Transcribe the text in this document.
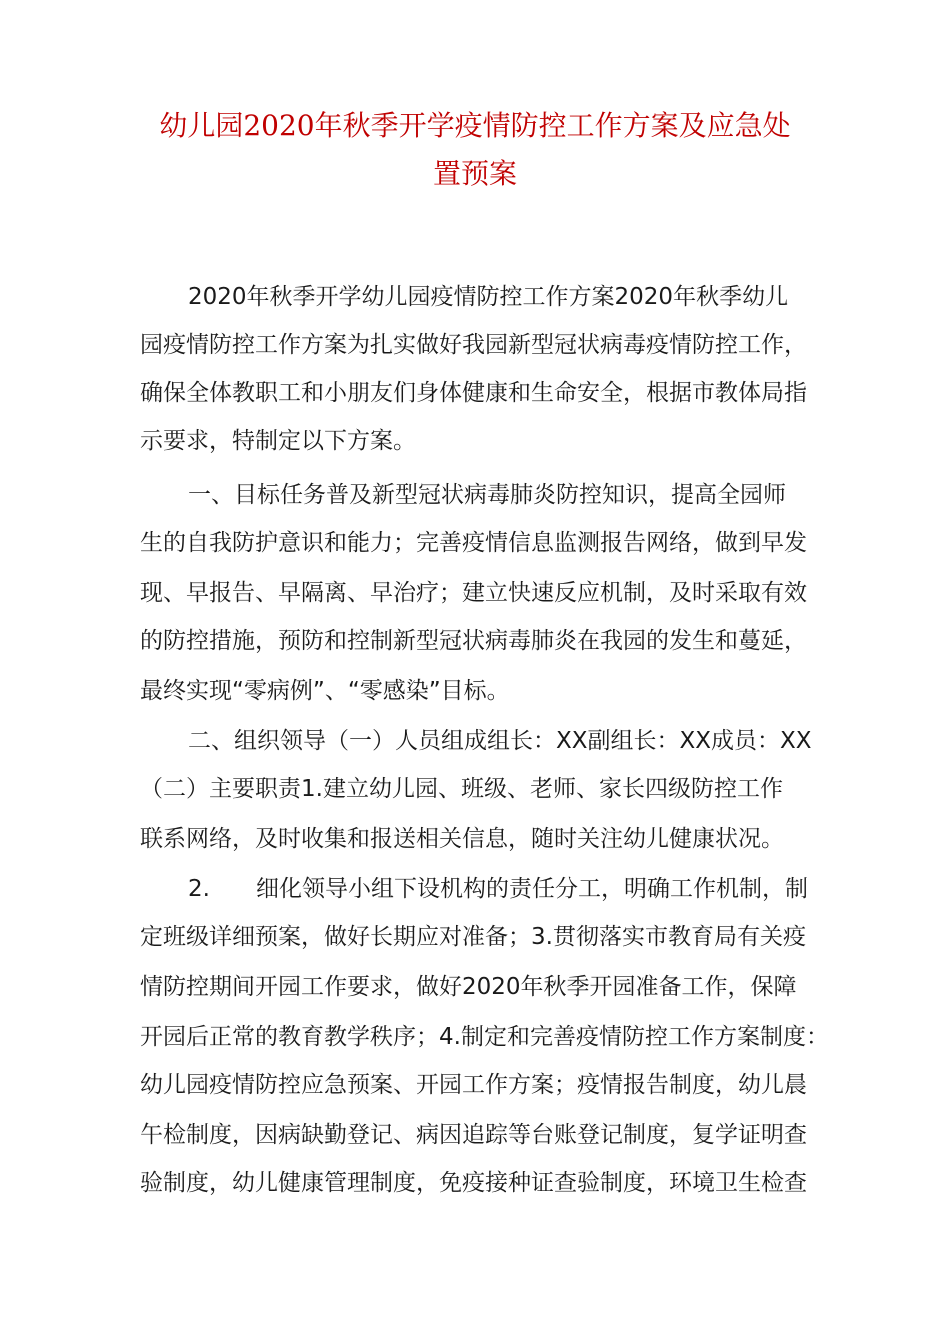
幼儿园2020年秋季开学疫情防控工作方案及应急处
置预案
2020年秋季开学幼儿园疫情防控工作方案2020年秋季幼儿
园疫情防控工作方案为扎实做好我园新型冠状病毒疫情防控工作，
确保全体教职工和小朋友们身体健康和生命安全，根据市教体局指
示要求，特制定以下方案。
一、目标任务普及新型冠状病毒肺炎防控知识，提高全园师
生的自我防护意识和能力；完善疫情信息监测报告网络，做到早发
现、早报告、早隔离、早治疗；建立快速反应机制，及时采取有效
的防控措施，预防和控制新型冠状病毒肺炎在我园的发生和蔓延，
最终实现“零病例”、“零感染”目标。
二、组织领导（一）人员组成组长：XX副组长：XX成员：XX
（二）主要职责1.建立幼儿园、班级、老师、家长四级防控工作
联系网络，及时收集和报送相关信息，随时关注幼儿健康状况。
2.　　细化领导小组下设机构的责任分工，明确工作机制，制
定班级详细预案，做好长期应对准备；3.贯彻落实市教育局有关疫
情防控期间开园工作要求，做好2020年秋季开园准备工作，保障
开园后正常的教育教学秩序；4.制定和完善疫情防控工作方案制度：
幼儿园疫情防控应急预案、开园工作方案；疫情报告制度，幼儿晨
午检制度，因病缺勤登记、病因追踪等台账登记制度，复学证明查
验制度，幼儿健康管理制度，免疫接种证查验制度，环境卫生检查
